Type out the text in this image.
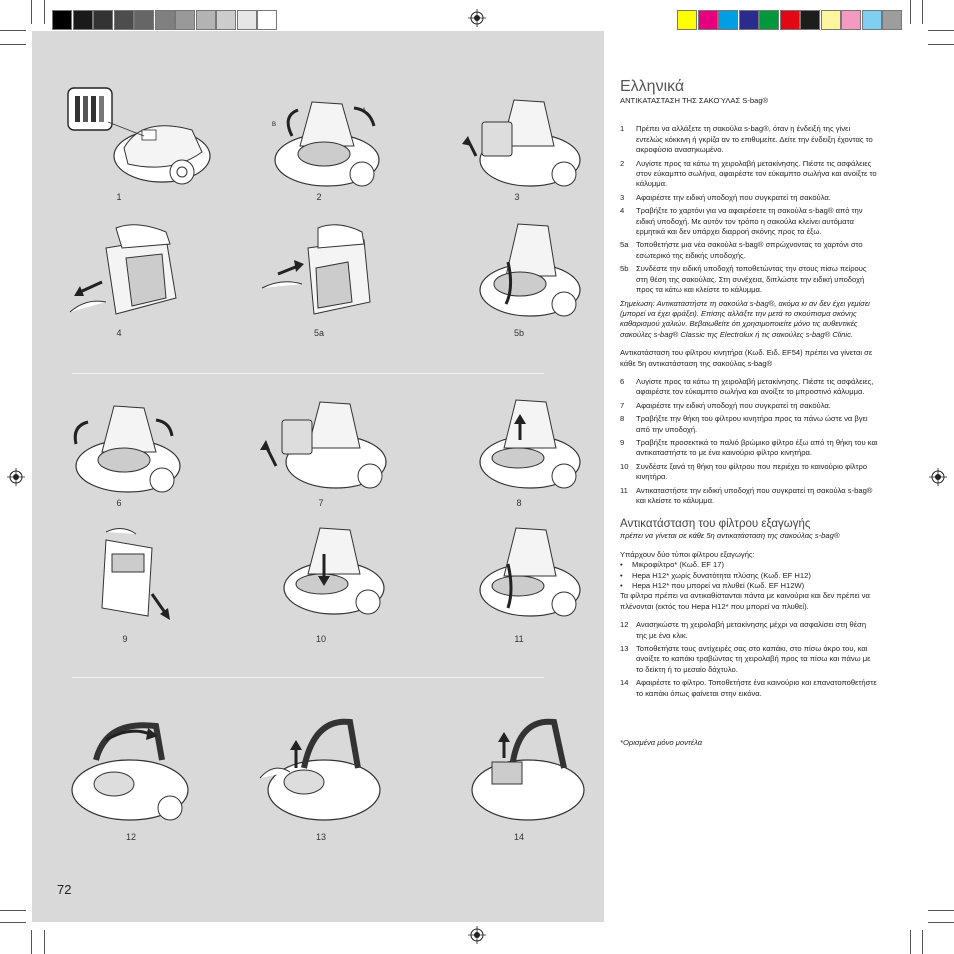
B
A
1	2	3
4	5a	5b
6	7	8
9	10	11
12	13	14
72
Ελληνικά
ΑΝΤΙΚΑΤΑΣΤΑΣΗ ΤΗΣ ΣΑΚΟΎΛΑΣ S-bag®
1	Πρέπει να αλλάξετε τη σακούλα s-bag®, όταν η ένδειξή της γίνει εντελώς κόκκινη ή γκρίζα αν το επιθυμείτε. Δείτε την ένδειξη έχοντας το ακροφύσιο ανασηκωμένο.
2	Λυγίστε προς τα κάτω τη χειρολαβή μετακίνησης. Πιέστε τις ασφάλειες στον εύκαμπτο σωλήνα, αφαιρέστε τον εύκαμπτο σωλήνα και ανοίξτε το κάλυμμα.
3	Αφαιρέστε την ειδική υποδοχή που συγκρατεί τη σακούλα.
4	Τραβήξτε το χαρτόνι για να αφαιρέσετε τη σακούλα s-bag® από την ειδική υποδοχή. Με αυτόν τον τρόπο η σακούλα κλείνει αυτόματα ερμητικά και δεν υπάρχει διαρροή σκόνης προς τα έξω.
5a Τοποθετήστε μια νέα σακούλα s-bag® σπρώχνοντας το χαρτόνι στο εσωτερικό της ειδικής υποδοχής.
5b Συνδέστε την ειδική υποδοχή τοποθετώντας την στους πίσω πείρους στη θέση της σακούλας. Στη συνέχεια, διπλώστε την ειδική υποδοχή προς τα κάτω και κλείστε το κάλυμμα.
Σημείωση: Αντικαταστήστε τη σακούλα s-bag®, ακόμα κι αν δεν έχει γεμίσει (μπορεί να έχει φράξει). Επίσης αλλάξτε την μετά το σκούπισμα σκόνης καθαρισμού χαλιών. Βεβαιωθείτε ότι χρησιμοποιείτε μόνο τις αυθεντικές σακούλες s-bag® Classic της Electrolux ή τις σακούλες s-bag® Clinic.
Αντικατάσταση του φίλτρου κινητήρα (Κωδ. Ειδ. EF54) πρέπει να γίνεται σε κάθε 5η αντικατάσταση της σακούλας s-bag®
6	Λυγίστε προς τα κάτω τη χειρολαβή μετακίνησης. Πιέστε τις ασφάλειες, αφαιρέστε τον εύκαμπτο σωλήνα και ανοίξτε το μπροστινό κάλυμμα.
7	Αφαιρέστε την ειδική υποδοχή που συγκρατεί τη σακούλα.
8	Τραβήξτε την θήκη του φίλτρου κινητήρα προς τα πάνω ώστε να βγει από την υποδοχή.
9	Τραβήξτε προσεκτικά το παλιό βρώμικο φίλτρο έξω από τη θήκη του και αντικαταστήστε το με ένα καινούριο φίλτρο κινητήρα.
10 Συνδέστε ξανά τη θήκη του φίλτρου που περιέχει το καινούριο φίλτρο κινητήρα.
11	Αντικαταστήστε την ειδική υποδοχή που συγκρατεί τη σακούλα s-bag® και κλείστε το κάλυμμα.
Αντικατάσταση του φίλτρου εξαγωγής
πρέπει να γίνεται σε κάθε 5η αντικατάσταση της σακούλας s-bag®
Υπάρχουν δύο τύποι φίλτρου εξαγωγής:
•	Μικροφίλτρο* (Κωδ. EF 17)
•	Hepa H12* χωρίς δυνατότητα πλύσης (Κωδ. EF H12)
•	Hepa H12* που μπορεί να πλυθεί (Κωδ. EF H12W)
Τα φίλτρα πρέπει να αντικαθίστανται πάντα με καινούρια και δεν πρέπει να πλένονται (εκτός του Hepa H12* που μπορεί να πλυθεί).
12 Ανασηκώστε τη χειρολαβή μετακίνησης μέχρι να ασφαλίσει στη θέση της με ένα κλικ.
13 Τοποθετήστε τους αντίχειρές σας στο καπάκι, στο πίσω άκρο του, και ανοίξτε το καπάκι τραβώντας τη χειρολαβή προς τα πίσω και πάνω με το δείκτη ή το μεσαίο δάχτυλο.
14 Αφαιρέστε το φίλτρο. Τοποθετήστε ένα καινούριο και επανατοποθετήστε το καπάκι όπως φαίνεται στην εικόνα.
*Ορισμένα μόνο μοντέλα
